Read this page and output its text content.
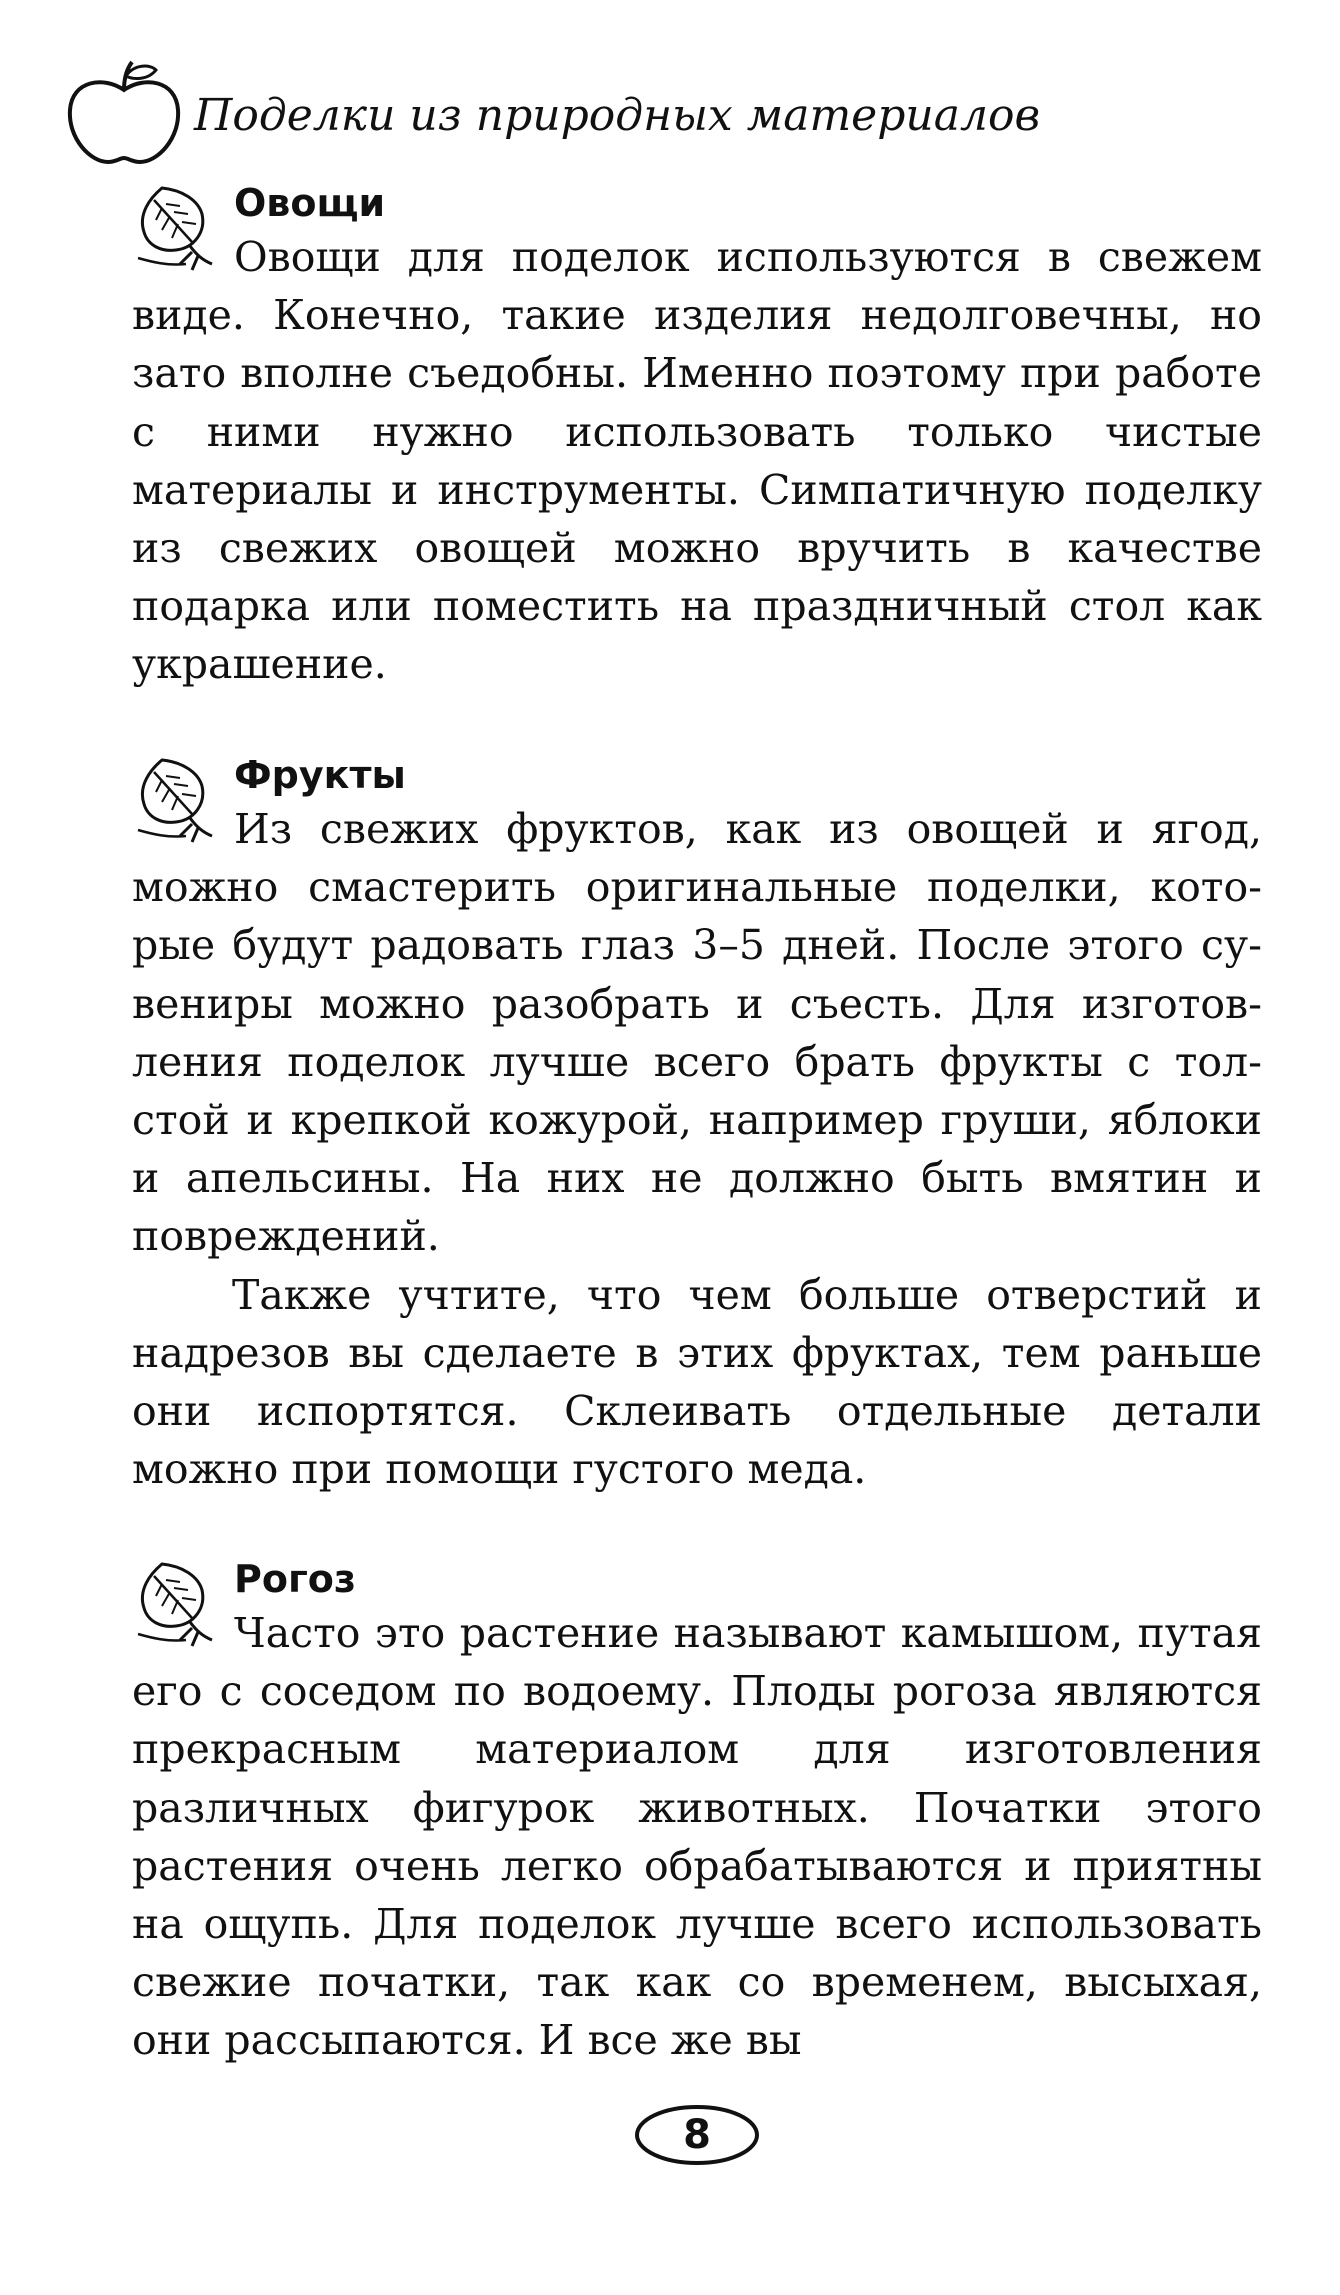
Поделки из природных материалов
Овощи

Овощи для поделок используются в свежем виде. Конечно, такие изделия недолговечны, но зато вполне съедобны. Именно поэтому при работе с ними нужно использовать только чистые материалы и инструменты. Симпатичную поделку из свежих овощей можно вручить в качестве подарка или поместить на праздничный стол как украшение.

Фрукты

Из свежих фруктов, как из овощей и ягод, можно смастерить оригинальные поделки, которые будут радовать глаз 3–5 дней. После этого сувениры можно разобрать и съесть. Для изготовления поделок лучше всего брать фрукты с толстой и крепкой кожурой, например груши, яблоки и апельсины. На них не должно быть вмятин и повреждений.

Также учтите, что чем больше отверстий и надрезов вы сделаете в этих фруктах, тем раньше они испортятся. Склеивать отдельные детали можно при помощи густого меда.

Рогоз

Часто это растение называют камышом, путая его с соседом по водоему. Плоды рогоза являются прекрасным материалом для изготовления различных фигурок животных. Початки этого растения очень легко обрабатываются и приятны на ощупь. Для поделок лучше всего использовать свежие початки, так как со временем, высыхая, они рассыпаются. И все же вы

8
